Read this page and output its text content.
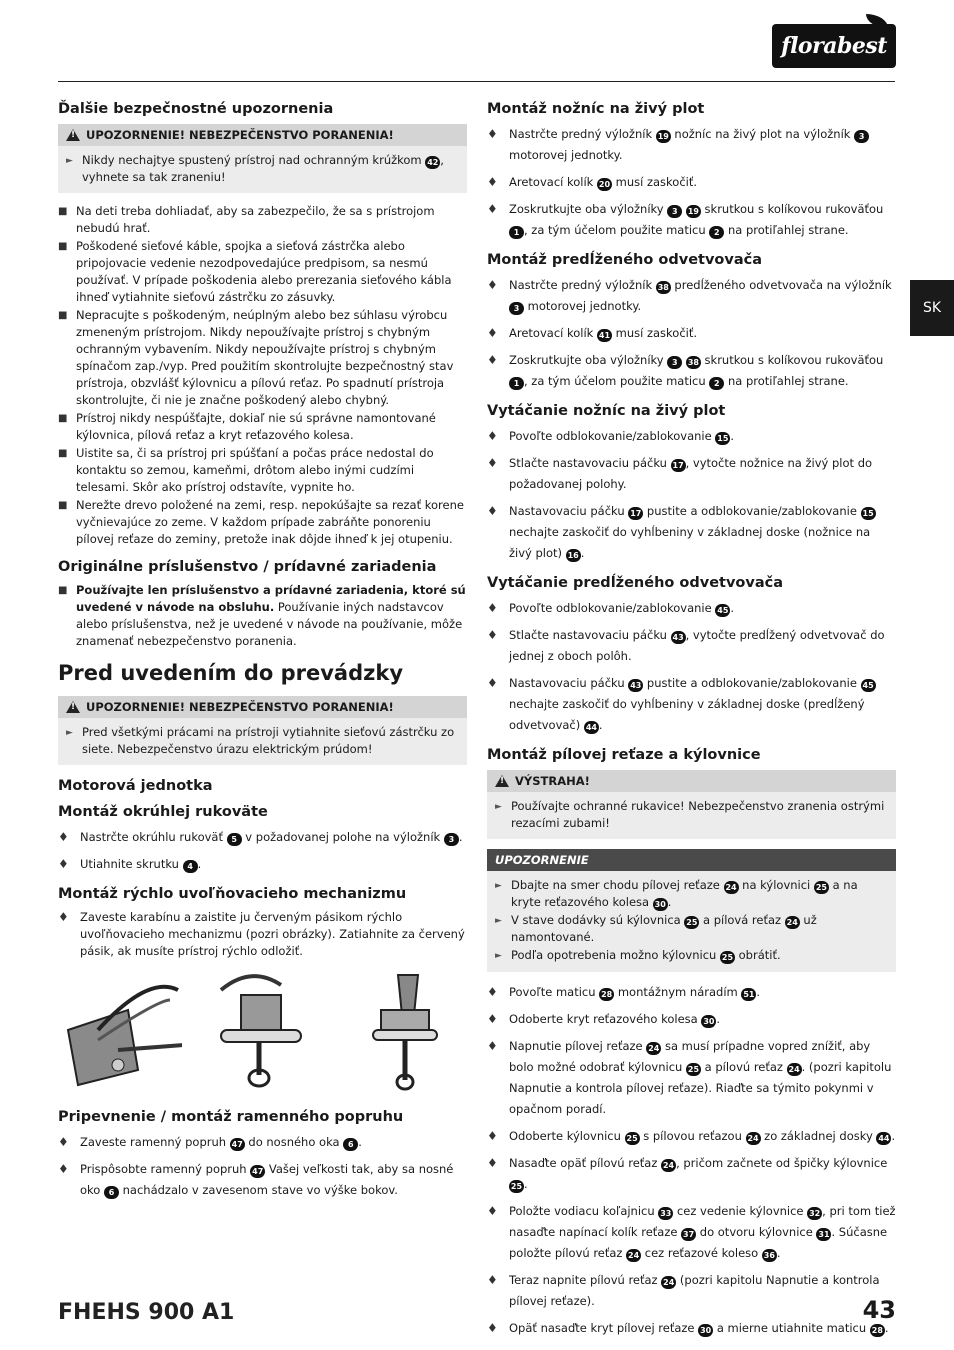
florabest
SK
Ďalšie bezpečnostné upozornenia
!
UPOZORNENIE! NEBEZPEČENSTVO PORANENIA!
► Nikdy nechajtye spustený prístroj nad ochranným krúžkom 42 , vyhnete sa tak zraneniu!
■ Na deti treba dohliadať, aby sa zabezpečilo, že sa s prístrojom nebudú hrať.
■ Poškodené sieťové káble, spojka a sieťová zástrčka alebo pripojovacie vedenie nezodpovedajúce predpisom, sa nesmú používať. V prípade poškodenia alebo prerezania sieťového kábla ihneď vytiahnite sieťovú zástrčku zo zásuvky.
■ Nepracujte s poškodeným, neúplným alebo bez súhlasu výrobcu zmeneným prístrojom. Nikdy nepoužívajte prístroj s chybným ochranným vybavením. Nikdy nepoužívajte prístroj s chybným spínačom zap./vyp. Pred použitím skontrolujte bezpečnostný stav prístroja, obzvlášť kýlovnicu a pílovú reťaz. Po spadnutí prístroja skontrolujte, či nie je značne poškodený alebo chybný.
■ Prístroj nikdy nespúšťajte, dokiaľ nie sú správne namontované kýlovnica, pílová reťaz a kryt reťazového kolesa.
■ Uistite sa, či sa prístroj pri spúšťaní a počas práce nedostal do kontaktu so zemou, kameňmi, drôtom alebo inými cudzími telesami. Skôr ako prístroj odstavíte, vypnite ho.
■ Nerežte drevo položené na zemi, resp. nepokúšajte sa rezať korene vyčnievajúce zo zeme. V každom prípade zabráňte ponoreniu pílovej reťaze do zeminy, pretože inak dôjde ihneď k jej otupeniu.
Originálne príslušenstvo / prídavné zariadenia
■ Používajte len príslušenstvo a prídavné zariadenia, ktoré sú uvedené v návode na obsluhu. Používanie iných nadstavcov alebo príslušenstva, než je uvedené v návode na používanie, môže znamenať nebezpečenstvo poranenia.
Pred uvedením do prevádzky
!
UPOZORNENIE! NEBEZPEČENSTVO PORANENIA!
► Pred všetkými prácami na prístroji vytiahnite sieťovú zástrčku zo siete. Nebezpečenstvo úrazu elektrickým prúdom!
Motorová jednotka
Montáž okrúhlej rukoväte
♦ Nastrčte okrúhlu rukoväť 5 v požadovanej polohe na výložník 3 .
♦ Utiahnite skrutku 4 .
Montáž rýchlo uvoľňovacieho mechanizmu
♦ Zaveste karabínu a zaistite ju červeným pásikom rýchlo uvoľňovacieho mechanizmu (pozri obrázky). Zatiahnite za červený pásik, ak musíte prístroj rýchlo odložiť.
Pripevnenie / montáž ramenného popruhu
♦ Zaveste ramenný popruh 47 do nosného oka 6 .
♦ Prispôsobte ramenný popruh 47 Vašej veľkosti tak, aby sa nosné oko 6 nachádzalo v zavesenom stave vo výške bokov.
Montáž nožníc na živý plot
♦ Nastrčte predný výložník 19 nožníc na živý plot na výložník 3 motorovej jednotky.
♦ Aretovací kolík 20 musí zaskočiť.
♦ Zoskrutkujte oba výložníky 3 19 skrutkou s kolíkovou rukoväťou 1 , za tým účelom použite maticu 2 na protiľahlej strane.
Montáž predĺženého odvetvovača
♦ Nastrčte predný výložník 38 predĺženého odvetvovača na výložník 3 motorovej jednotky.
♦ Aretovací kolík 41 musí zaskočiť.
♦ Zoskrutkujte oba výložníky 3 38 skrutkou s kolíkovou rukoväťou 1 , za tým účelom použite maticu 2 na protiľahlej strane.
Vytáčanie nožníc na živý plot
♦ Povoľte odblokovanie/zablokovanie 15 .
♦ Stlačte nastavovaciu páčku 17 , vytočte nožnice na živý plot do požadovanej polohy.
♦ Nastavovaciu páčku 17 pustite a odblokovanie/zablokovanie 15 nechajte zaskočiť do vyhĺbeniny v základnej doske (nožnice na živý plot) 16 .
Vytáčanie predĺženého odvetvovača
♦ Povoľte odblokovanie/zablokovanie 45 .
♦ Stlačte nastavovaciu páčku 43 , vytočte predĺžený odvetvovač do jednej z oboch polôh.
♦ Nastavovaciu páčku 43 pustite a odblokovanie/zablokovanie 45 nechajte zaskočiť do vyhĺbeniny v základnej doske (predĺžený odvetvovač) 44 .
Montáž pílovej reťaze a kýlovnice
!
VÝSTRAHA!
► Používajte ochranné rukavice! Nebezpečenstvo zranenia ostrými rezacími zubami!
UPOZORNENIE
► Dbajte na smer chodu pílovej reťaze 24 na kýlovnici 25 a na kryte reťazového kolesa 30 .
► V stave dodávky sú kýlovnica 25 a pílová reťaz 24 už namontované.
► Podľa opotrebenia možno kýlovnicu 25 obrátiť.
♦ Povoľte maticu 28 montážnym náradím 51 .
♦ Odoberte kryt reťazového kolesa 30 .
♦ Napnutie pílovej reťaze 24 sa musí prípadne vopred znížiť, aby bolo možné odobrať kýlovnicu 25 a pílovú reťaz 24 . (pozri kapitolu Napnutie a kontrola pílovej reťaze). Riaďte sa týmito pokynmi v opačnom poradí.
♦ Odoberte kýlovnicu 25 s pílovou reťazou 24 zo základnej dosky 44 .
♦ Nasaďte opäť pílovú reťaz 24 , pričom začnete od špičky kýlovnice 25 .
♦ Položte vodiacu koľajnicu 33 cez vedenie kýlovnice 32 , pri tom tiež nasaďte napínací kolík reťaze 37 do otvoru kýlovnice 31 . Súčasne položte pílovú reťaz 24 cez reťazové koleso 36 .
♦ Teraz napnite pílovú reťaz 24 (pozri kapitolu Napnutie a kontrola pílovej reťaze).
♦ Opäť nasaďte kryt pílovej reťaze 30 a mierne utiahnite maticu 28 .
FHEHS 900 A1	43
